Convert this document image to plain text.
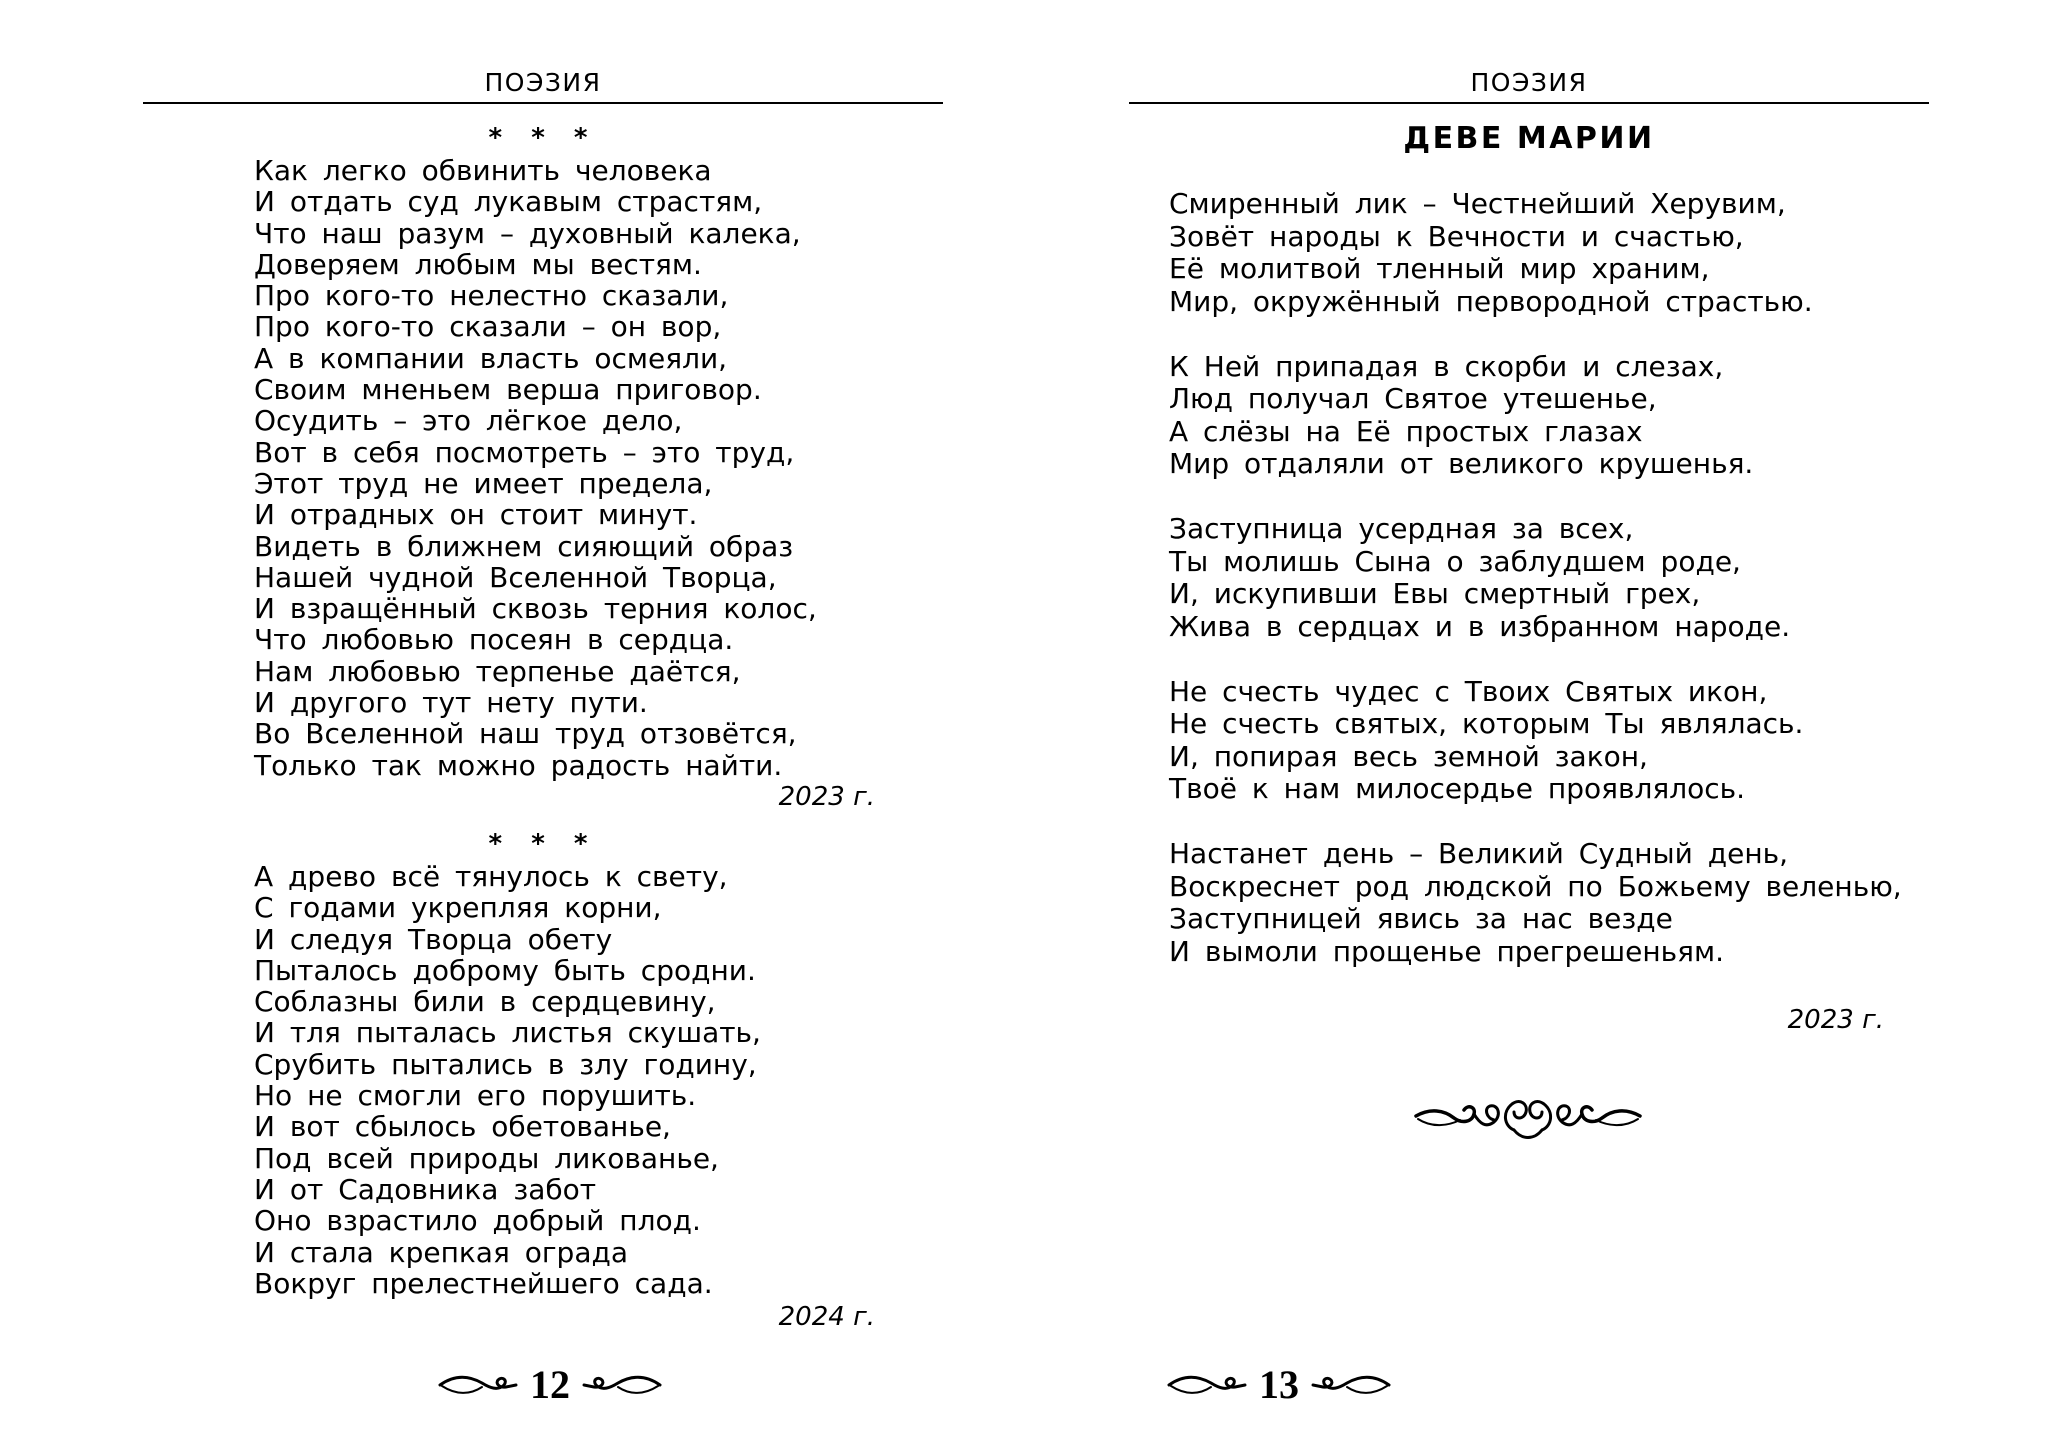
ПОЭЗИЯ
* * *
Как легко обвинить человека
И отдать суд лукавым страстям,
Что наш разум – духовный калека,
Доверяем любым мы вестям.
Про кого-то нелестно сказали,
Про кого-то сказали – он вор,
А в компании власть осмеяли,
Своим мненьем верша приговор.
Осудить – это лёгкое дело,
Вот в себя посмотреть – это труд,
Этот труд не имеет предела,
И отрадных он стоит минут.
Видеть в ближнем сияющий образ
Нашей чудной Вселенной Творца,
И взращённый сквозь терния колос,
Что любовью посеян в сердца.
Нам любовью терпенье даётся,
И другого тут нету пути.
Во Вселенной наш труд отзовётся,
Только так можно радость найти.
2023 г.
* * *
А древо всё тянулось к свету,
С годами укрепляя корни,
И следуя Творца обету
Пыталось доброму быть сродни.
Соблазны били в сердцевину,
И тля пыталась листья скушать,
Срубить пытались в злу годину,
Но не смогли его порушить.
И вот сбылось обетованье,
Под всей природы ликованье,
И от Садовника забот
Оно взрастило добрый плод.
И стала крепкая ограда
Вокруг прелестнейшего сада.
2024 г.
12
ПОЭЗИЯ
ДЕВЕ МАРИИ
Смиренный лик – Честнейший Херувим,
Зовёт народы к Вечности и счастью,
Её молитвой тленный мир храним,
Мир, окружённый первородной страстью.
К Ней припадая в скорби и слезах,
Люд получал Святое утешенье,
А слёзы на Её простых глазах
Мир отдаляли от великого крушенья.
Заступница усердная за всех,
Ты молишь Сына о заблудшем роде,
И, искупивши Евы смертный грех,
Жива в сердцах и в избранном народе.
Не счесть чудес с Твоих Святых икон,
Не счесть святых, которым Ты являлась.
И, попирая весь земной закон,
Твоё к нам милосердье проявлялось.
Настанет день – Великий Судный день,
Воскреснет род людской по Божьему веленью,
Заступницей явись за нас везде
И вымоли прощенье прегрешеньям.
2023 г.
13
